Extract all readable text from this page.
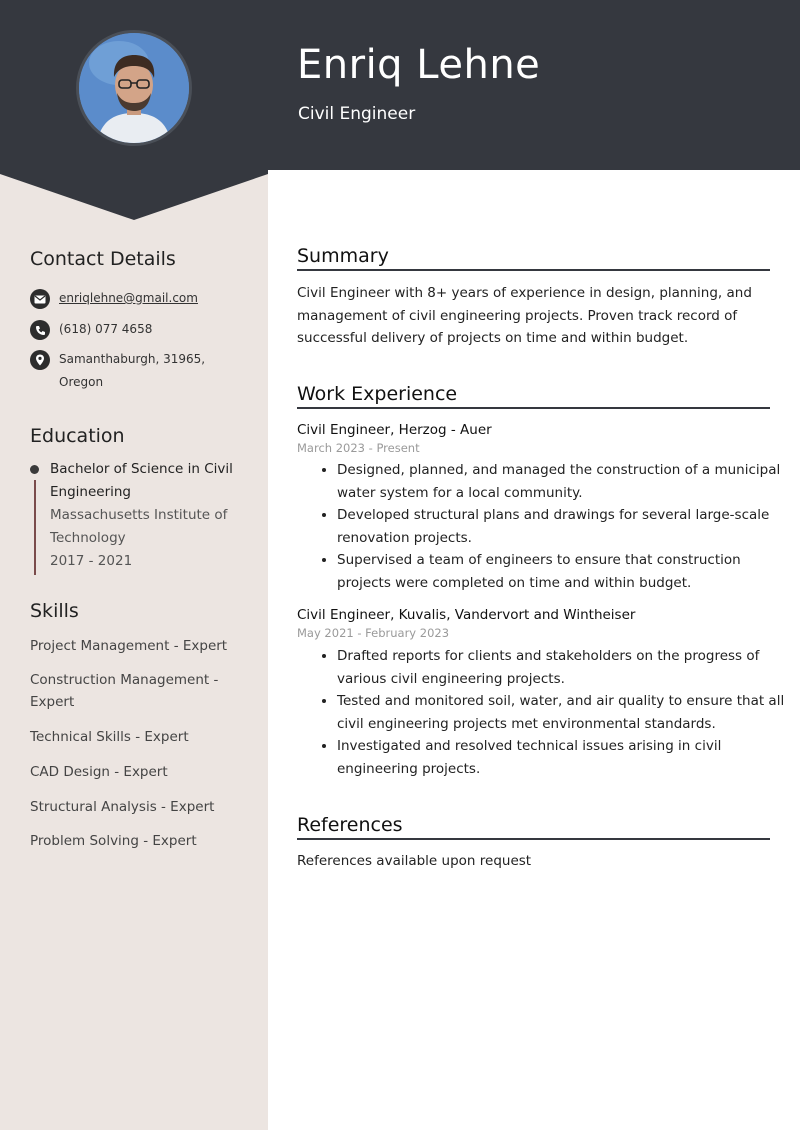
Enriq Lehne
Civil Engineer
Contact Details
enriqlehne@gmail.com
(618) 077 4658
Samanthaburgh, 31965, Oregon
Education
Bachelor of Science in Civil Engineering
Massachusetts Institute of Technology
2017 - 2021
Skills
Project Management - Expert
Construction Management - Expert
Technical Skills - Expert
CAD Design - Expert
Structural Analysis - Expert
Problem Solving - Expert
Summary
Civil Engineer with 8+ years of experience in design, planning, and management of civil engineering projects. Proven track record of successful delivery of projects on time and within budget.
Work Experience
Civil Engineer, Herzog - Auer
March 2023 - Present
• Designed, planned, and managed the construction of a municipal water system for a local community.
• Developed structural plans and drawings for several large-scale renovation projects.
• Supervised a team of engineers to ensure that construction projects were completed on time and within budget.
Civil Engineer, Kuvalis, Vandervort and Wintheiser
May 2021 - February 2023
• Drafted reports for clients and stakeholders on the progress of various civil engineering projects.
• Tested and monitored soil, water, and air quality to ensure that all civil engineering projects met environmental standards.
• Investigated and resolved technical issues arising in civil engineering projects.
References
References available upon request
